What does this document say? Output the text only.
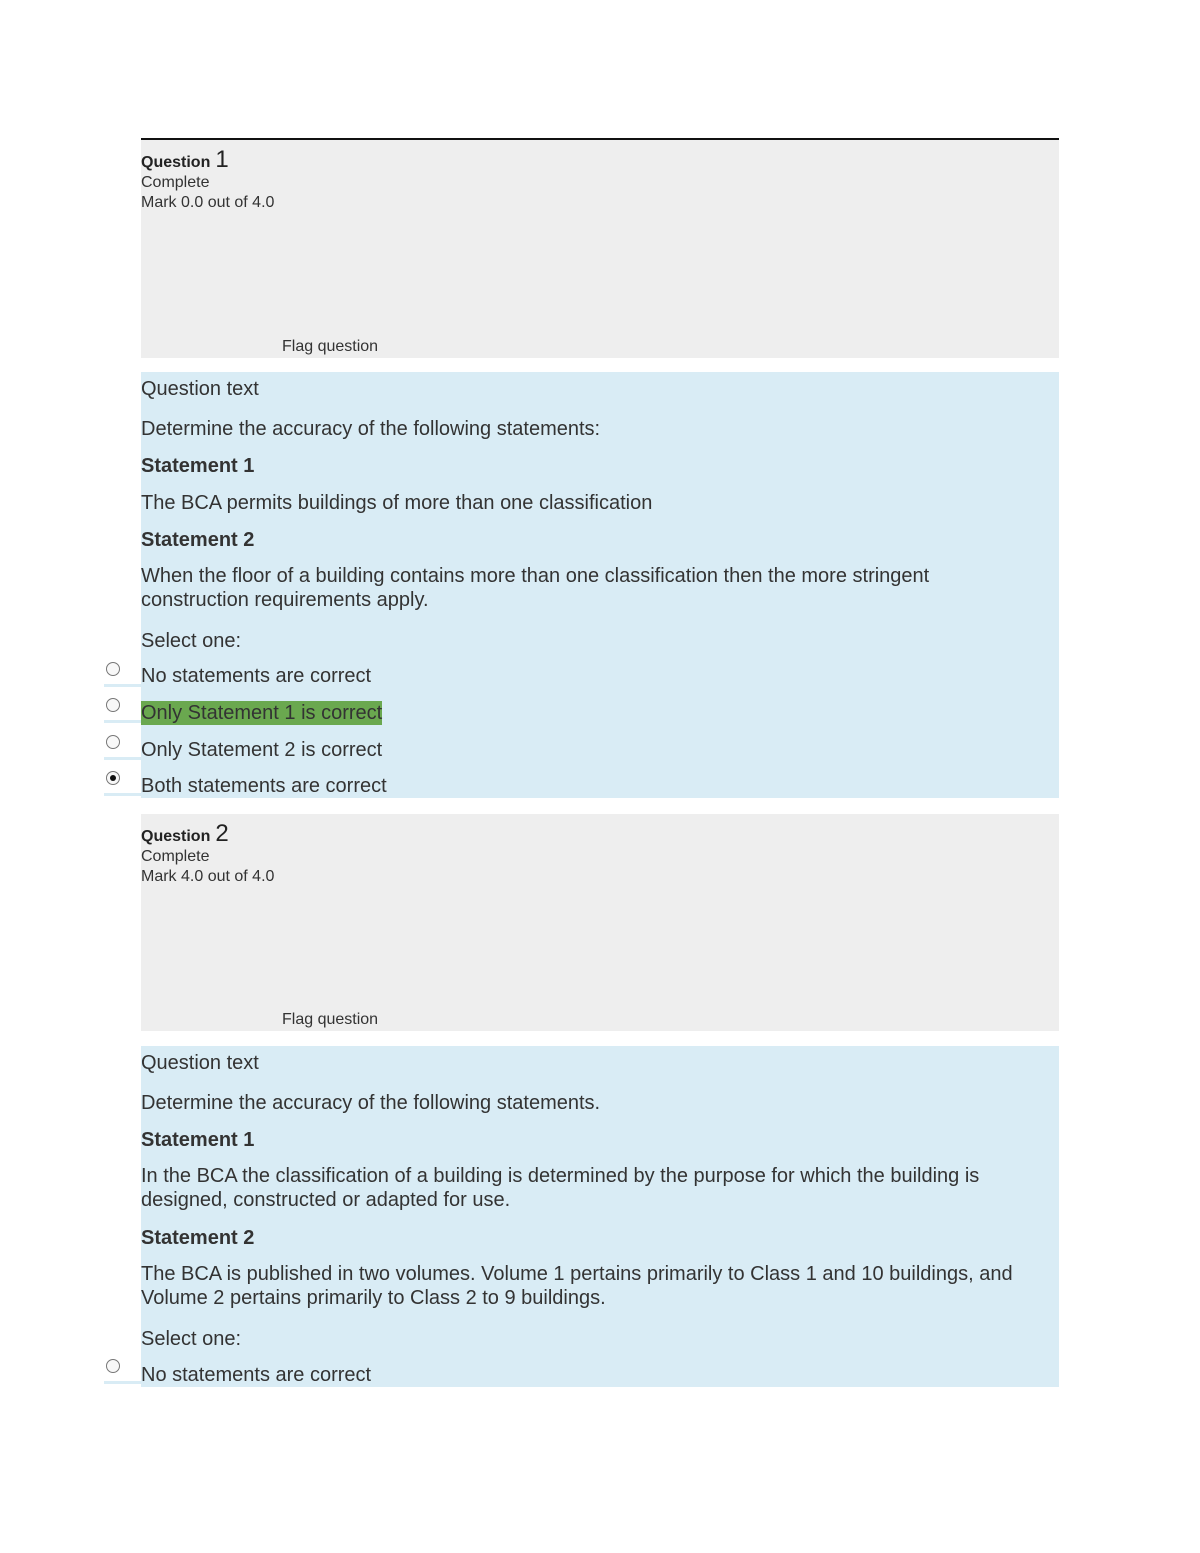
Question 1
Complete
Mark 0.0 out of 4.0
Flag question
Question text
Determine the accuracy of the following statements:
Statement 1
The BCA permits buildings of more than one classification
Statement 2
When the floor of a building contains more than one classification then the more stringent construction requirements apply.
Select one:
No statements are correct
Only Statement 1 is correct
Only Statement 2 is correct
Both statements are correct
Question 2
Complete
Mark 4.0 out of 4.0
Flag question
Question text
Determine the accuracy of the following statements.
Statement 1
In the BCA the classification of a building is determined by the purpose for which the building is designed, constructed or adapted for use.
Statement 2
The BCA is published in two volumes. Volume 1 pertains primarily to Class 1 and 10 buildings, and Volume 2 pertains primarily to Class 2 to 9 buildings.
Select one:
No statements are correct
